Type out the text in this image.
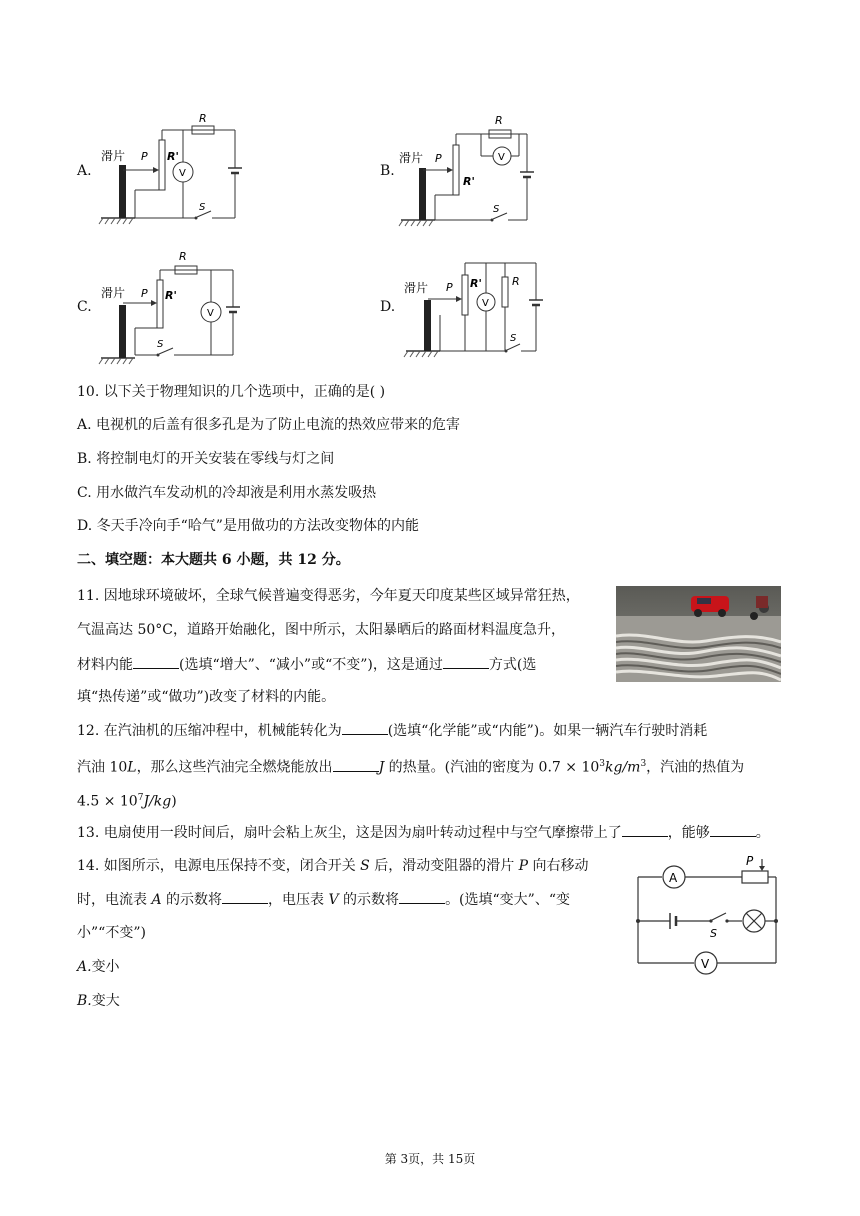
A.
滑片 P R'
R
V
S
B.
滑片 P
R'
R
V
S
C.
滑片 P R'
R
V
S
D.
滑片 P R'
V
R
S
10. 以下关于物理知识的几个选项中，正确的是( )
A. 电视机的后盖有很多孔是为了防止电流的热效应带来的危害
B. 将控制电灯的开关安装在零线与灯之间
C. 用水做汽车发动机的冷却液是利用水蒸发吸热
D. 冬天手冷向手“哈气”是用做功的方法改变物体的内能
二、填空题：本大题共 6 小题，共 12 分。
11. 因地球环境破坏，全球气候普遍变得恶劣，今年夏天印度某些区域异常狂热，
气温高达 50°C，道路开始融化，图中所示，太阳暴晒后的路面材料温度急升，
材料内能	(选填“增大”、“减小”或“不变”)，这是通过	方式(选
填“热传递”或“做功”)改变了材料的内能。
12. 在汽油机的压缩冲程中，机械能转化为	(选填“化学能”或“内能”)。如果一辆汽车行驶时消耗
汽油 10L，那么这些汽油完全燃烧能放出	J 的热量。(汽油的密度为 $0.7 \times 10^3kg/m^3$，汽油的热值为
$4.5 \times 10^7J/kg$)
13. 电扇使用一段时间后，扇叶会粘上灰尘，这是因为扇叶转动过程中与空气摩擦带上了	，能够	。
14. 如图所示，电源电压保持不变，闭合开关 S 后，滑动变阻器的滑片 P 向右移动
时，电流表 A 的示数将	，电压表 V 的示数将	。(选填“变大”、“变
小”“不变”)
A.变小
B.变大
A
P
S
V
第 3页，共 15页
